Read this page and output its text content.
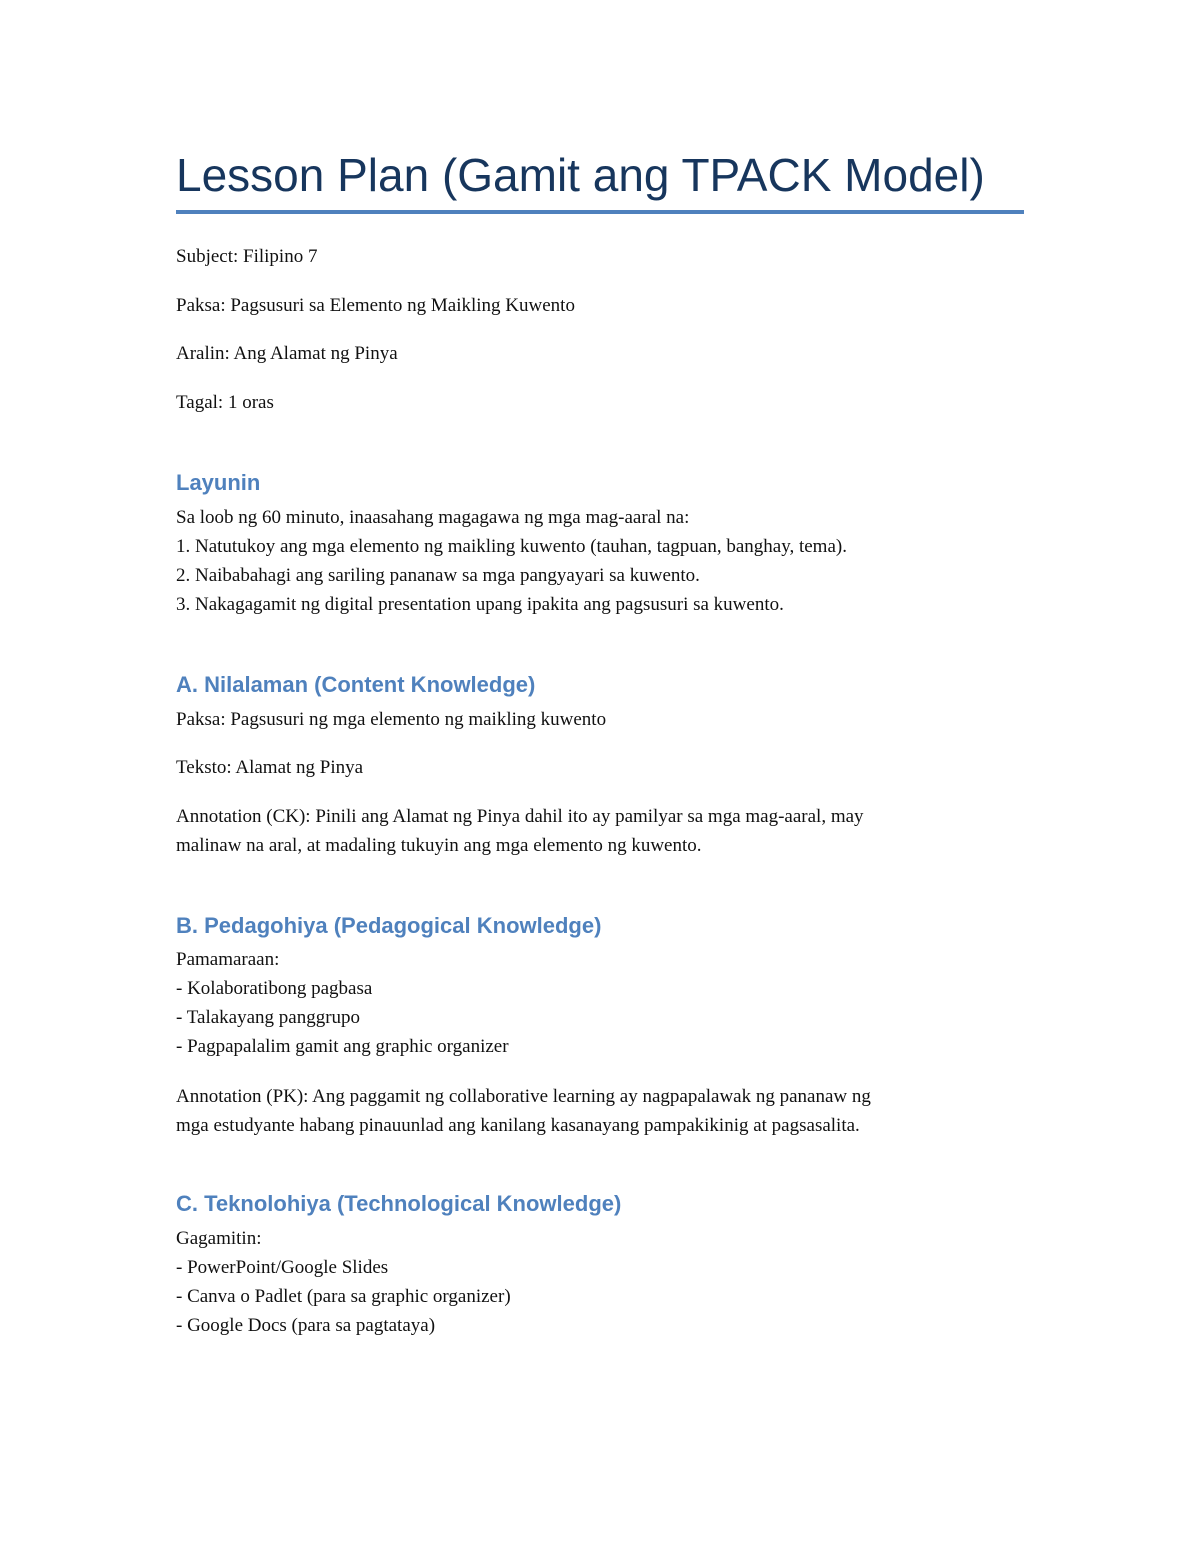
Lesson Plan (Gamit ang TPACK Model)
Subject: Filipino 7
Paksa: Pagsusuri sa Elemento ng Maikling Kuwento
Aralin: Ang Alamat ng Pinya
Tagal: 1 oras
Layunin
Sa loob ng 60 minuto, inaasahang magagawa ng mga mag-aaral na:
1. Natutukoy ang mga elemento ng maikling kuwento (tauhan, tagpuan, banghay, tema).
2. Naibabahagi ang sariling pananaw sa mga pangyayari sa kuwento.
3. Nakagagamit ng digital presentation upang ipakita ang pagsusuri sa kuwento.
A. Nilalaman (Content Knowledge)
Paksa: Pagsusuri ng mga elemento ng maikling kuwento
Teksto: Alamat ng Pinya
Annotation (CK): Pinili ang Alamat ng Pinya dahil ito ay pamilyar sa mga mag-aaral, may
malinaw na aral, at madaling tukuyin ang mga elemento ng kuwento.
B. Pedagohiya (Pedagogical Knowledge)
Pamamaraan:
- Kolaboratibong pagbasa
- Talakayang panggrupo
- Pagpapalalim gamit ang graphic organizer
Annotation (PK): Ang paggamit ng collaborative learning ay nagpapalawak ng pananaw ng
mga estudyante habang pinauunlad ang kanilang kasanayang pampakikinig at pagsasalita.
C. Teknolohiya (Technological Knowledge)
Gagamitin:
- PowerPoint/Google Slides
- Canva o Padlet (para sa graphic organizer)
- Google Docs (para sa pagtataya)
